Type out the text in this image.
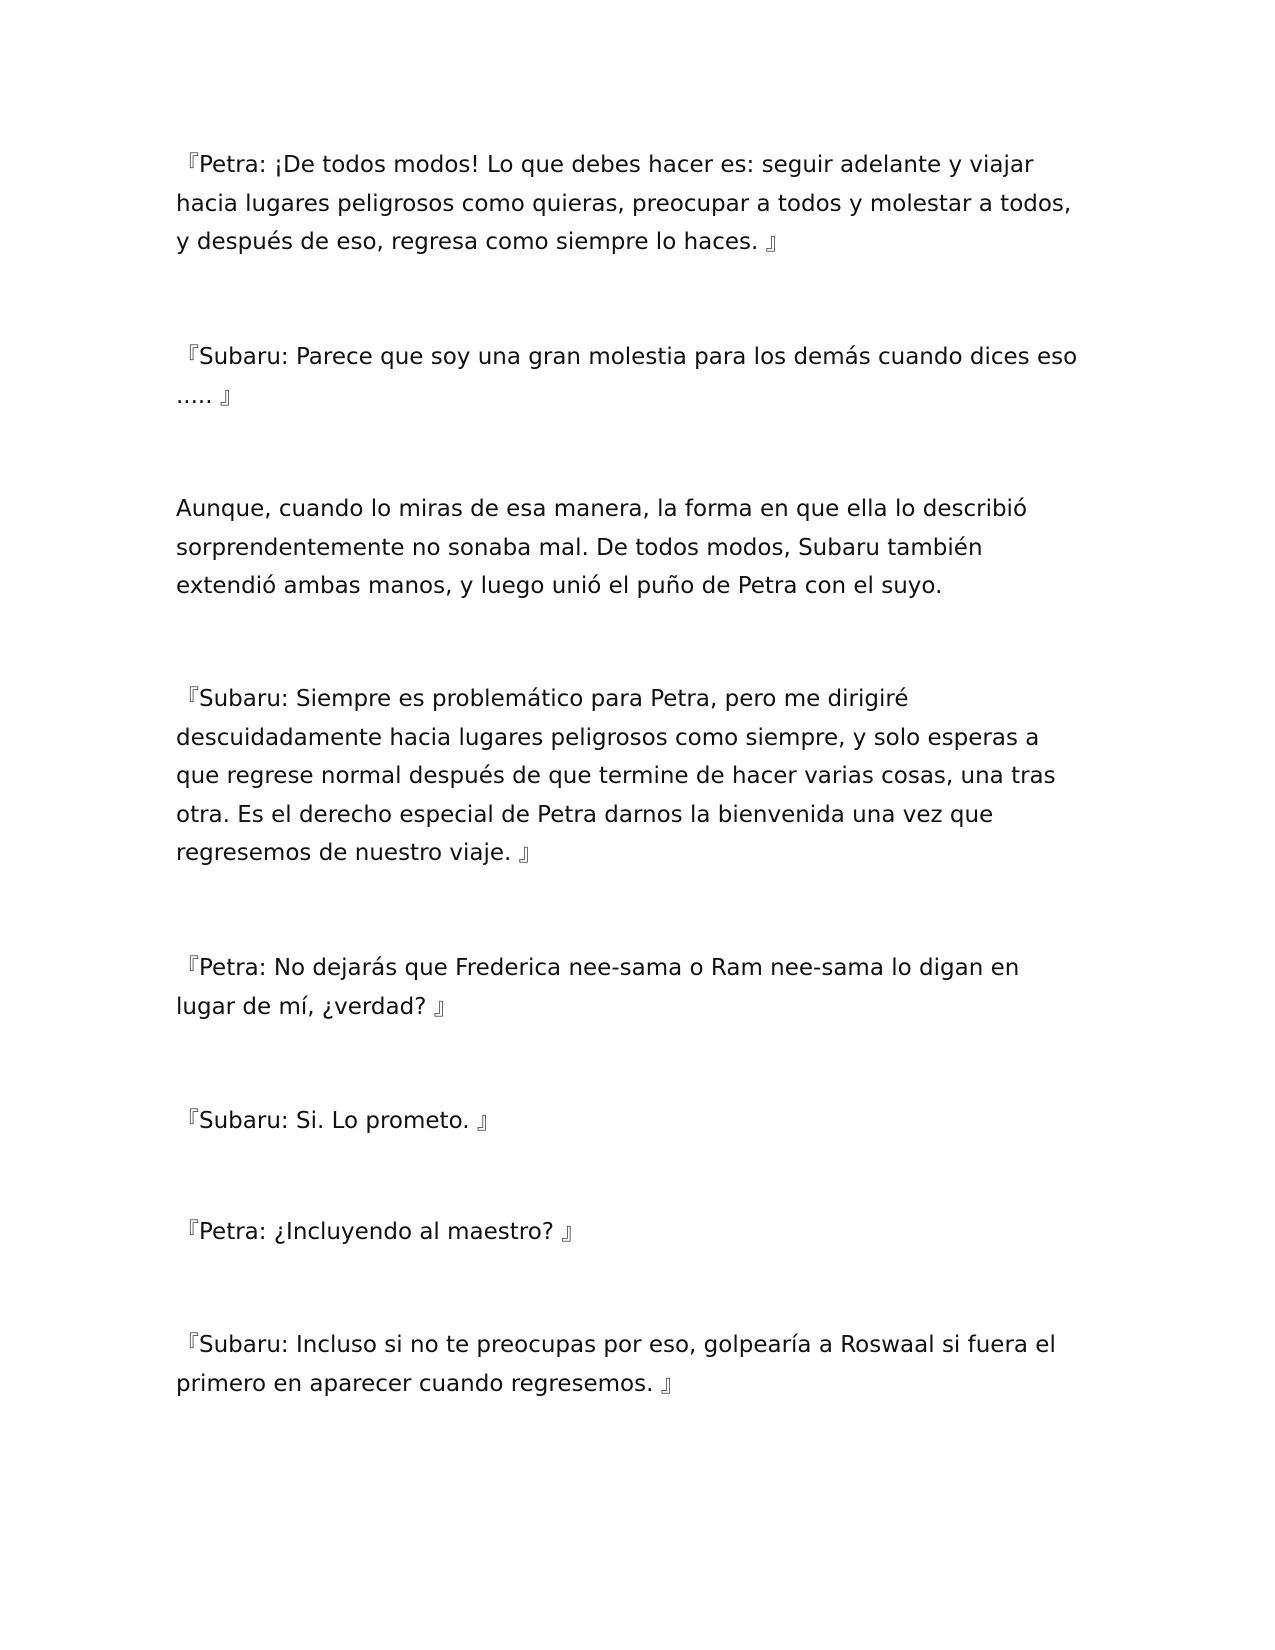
『Petra: ¡De todos modos! Lo que debes hacer es: seguir adelante y viajar
hacia lugares peligrosos como quieras, preocupar a todos y molestar a todos,
y después de eso, regresa como siempre lo haces. 』

『Subaru: Parece que soy una gran molestia para los demás cuando dices eso
..... 』

Aunque, cuando lo miras de esa manera, la forma en que ella lo describió
sorprendentemente no sonaba mal. De todos modos, Subaru también
extendió ambas manos, y luego unió el puño de Petra con el suyo.

『Subaru: Siempre es problemático para Petra, pero me dirigiré
descuidadamente hacia lugares peligrosos como siempre, y solo esperas a
que regrese normal después de que termine de hacer varias cosas, una tras
otra. Es el derecho especial de Petra darnos la bienvenida una vez que
regresemos de nuestro viaje. 』

『Petra: No dejarás que Frederica nee-sama o Ram nee-sama lo digan en
lugar de mí, ¿verdad? 』

『Subaru: Si. Lo prometo. 』

『Petra: ¿Incluyendo al maestro? 』

『Subaru: Incluso si no te preocupas por eso, golpearía a Roswaal si fuera el
primero en aparecer cuando regresemos. 』
